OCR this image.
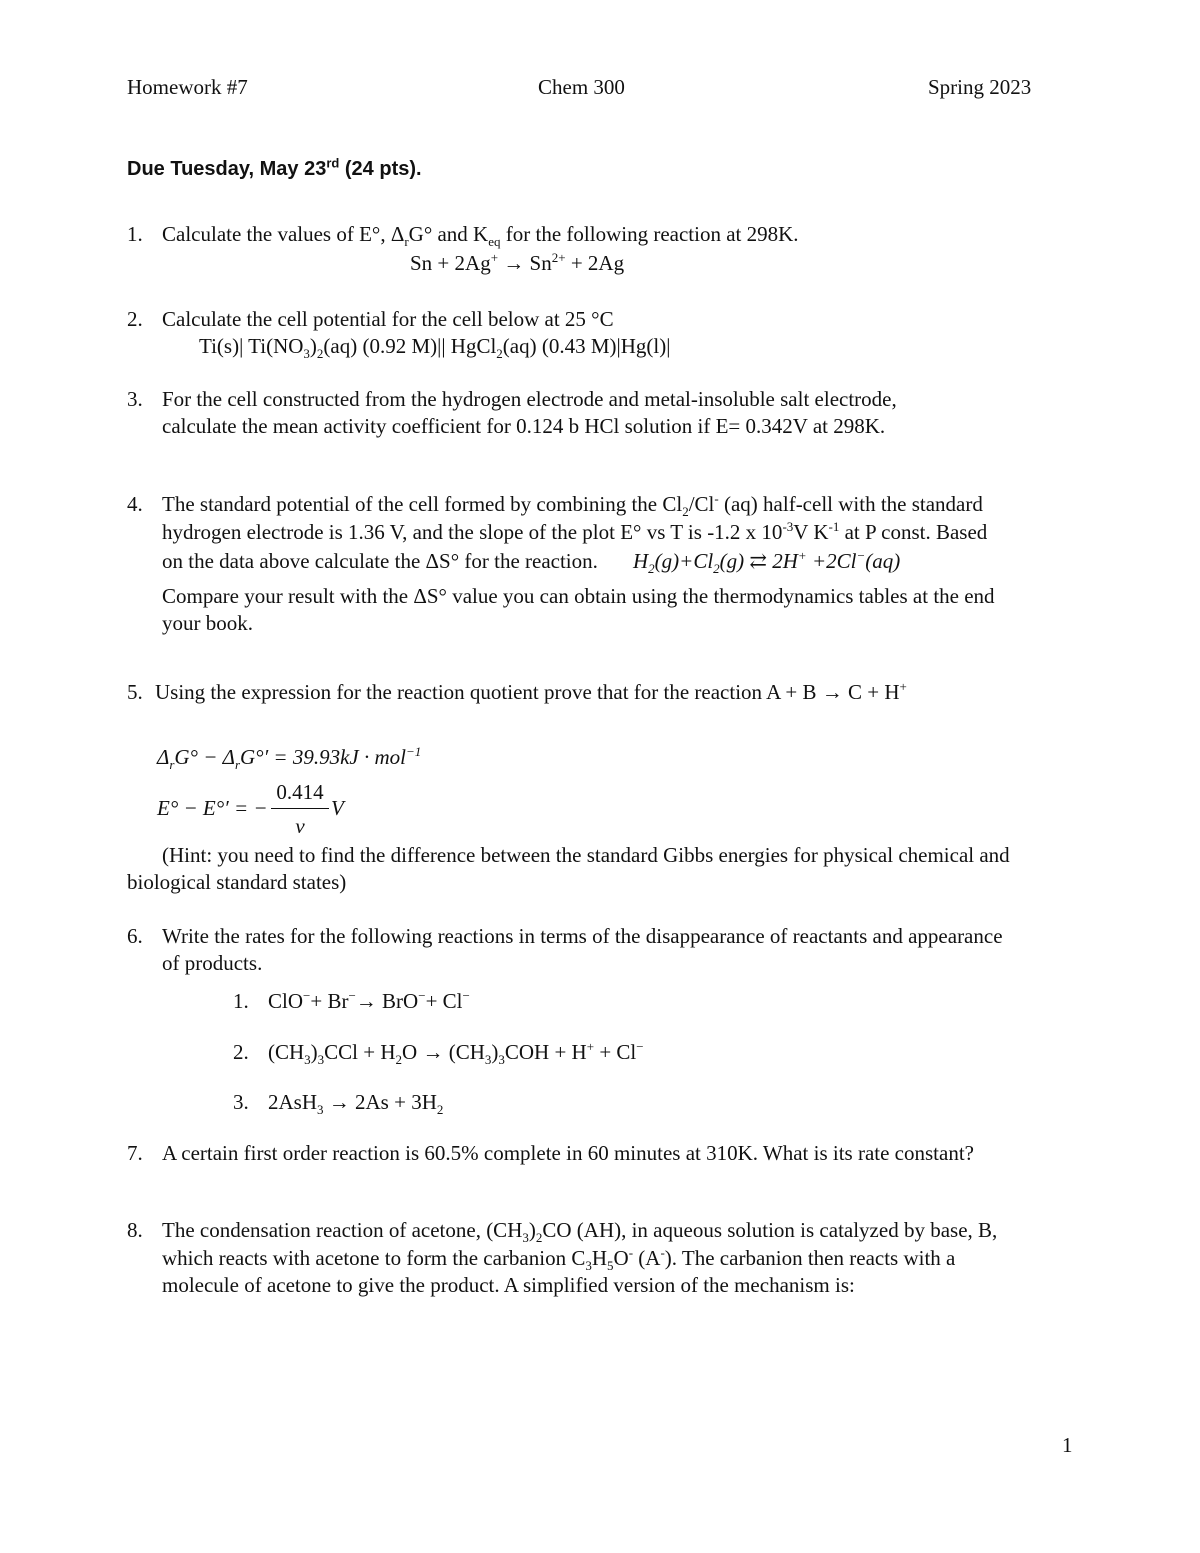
Homework #7	Chem 300	Spring 2023
Due Tuesday, May 23rd (24 pts).
1. Calculate the values of E°, $\Delta_rG^\circ$ and $K_{eq}$ for the following reaction at 298K.
$Sn + 2Ag^+ \to Sn^{2+} + 2Ag$
2. Calculate the cell potential for the cell below at 25 °C
Ti(s)| $Ti(NO_3)_2(aq)$ (0.92 M)|| HgCl$_2$(aq) (0.43 M)|Hg(l)|
3. For the cell constructed from the hydrogen electrode and metal-insoluble salt electrode,
calculate the mean activity coefficient for 0.124 b HCl solution if E= 0.342V at 298K.
4. The standard potential of the cell formed by combining the $Cl_2/Cl^-$ (aq) half-cell with the standard
hydrogen electrode is 1.36 V, and the slope of the plot E° vs T is -1.2 x $10^{-3}V$ $K^{-1}$ at P const. Based
on the data above calculate the ΔS° for the reaction. $H_2(g)+Cl_2(g)$ ⇄ 2H+ +2Cl−(aq)
Compare your result with the ΔS° value you can obtain using the thermodynamics tables at the end
your book.
5. Using the expression for the reaction quotient prove that for the reaction A + B → C + H+
$\Delta_rG^\circ - \Delta_rG^\circ' = 39.93kJ \cdot mol^{-1}$
E° − E°′ = −
0.414
ν
V
(Hint: you need to find the difference between the standard Gibbs energies for physical chemical and
biological standard states)
6. Write the rates for the following reactions in terms of the disappearance of reactants and appearance
of products.
1. ClO−+ Br−→ BrO−+ Cl−
2. $(CH_3)_3CCl + H_2O \to (CH_3)_3COH + H^+ + Cl^-$
3. $2AsH_3 \to 2As + 3H_2$
7. A certain first order reaction is 60.5% complete in 60 minutes at 310K. What is its rate constant?
8. The condensation reaction of acetone, $(CH_3)_2CO$ (AH), in aqueous solution is catalyzed by base, B,
which reacts with acetone to form the carbanion $C_3H_5O^-$ (A-). The carbanion then reacts with a
molecule of acetone to give the product. A simplified version of the mechanism is:
1
